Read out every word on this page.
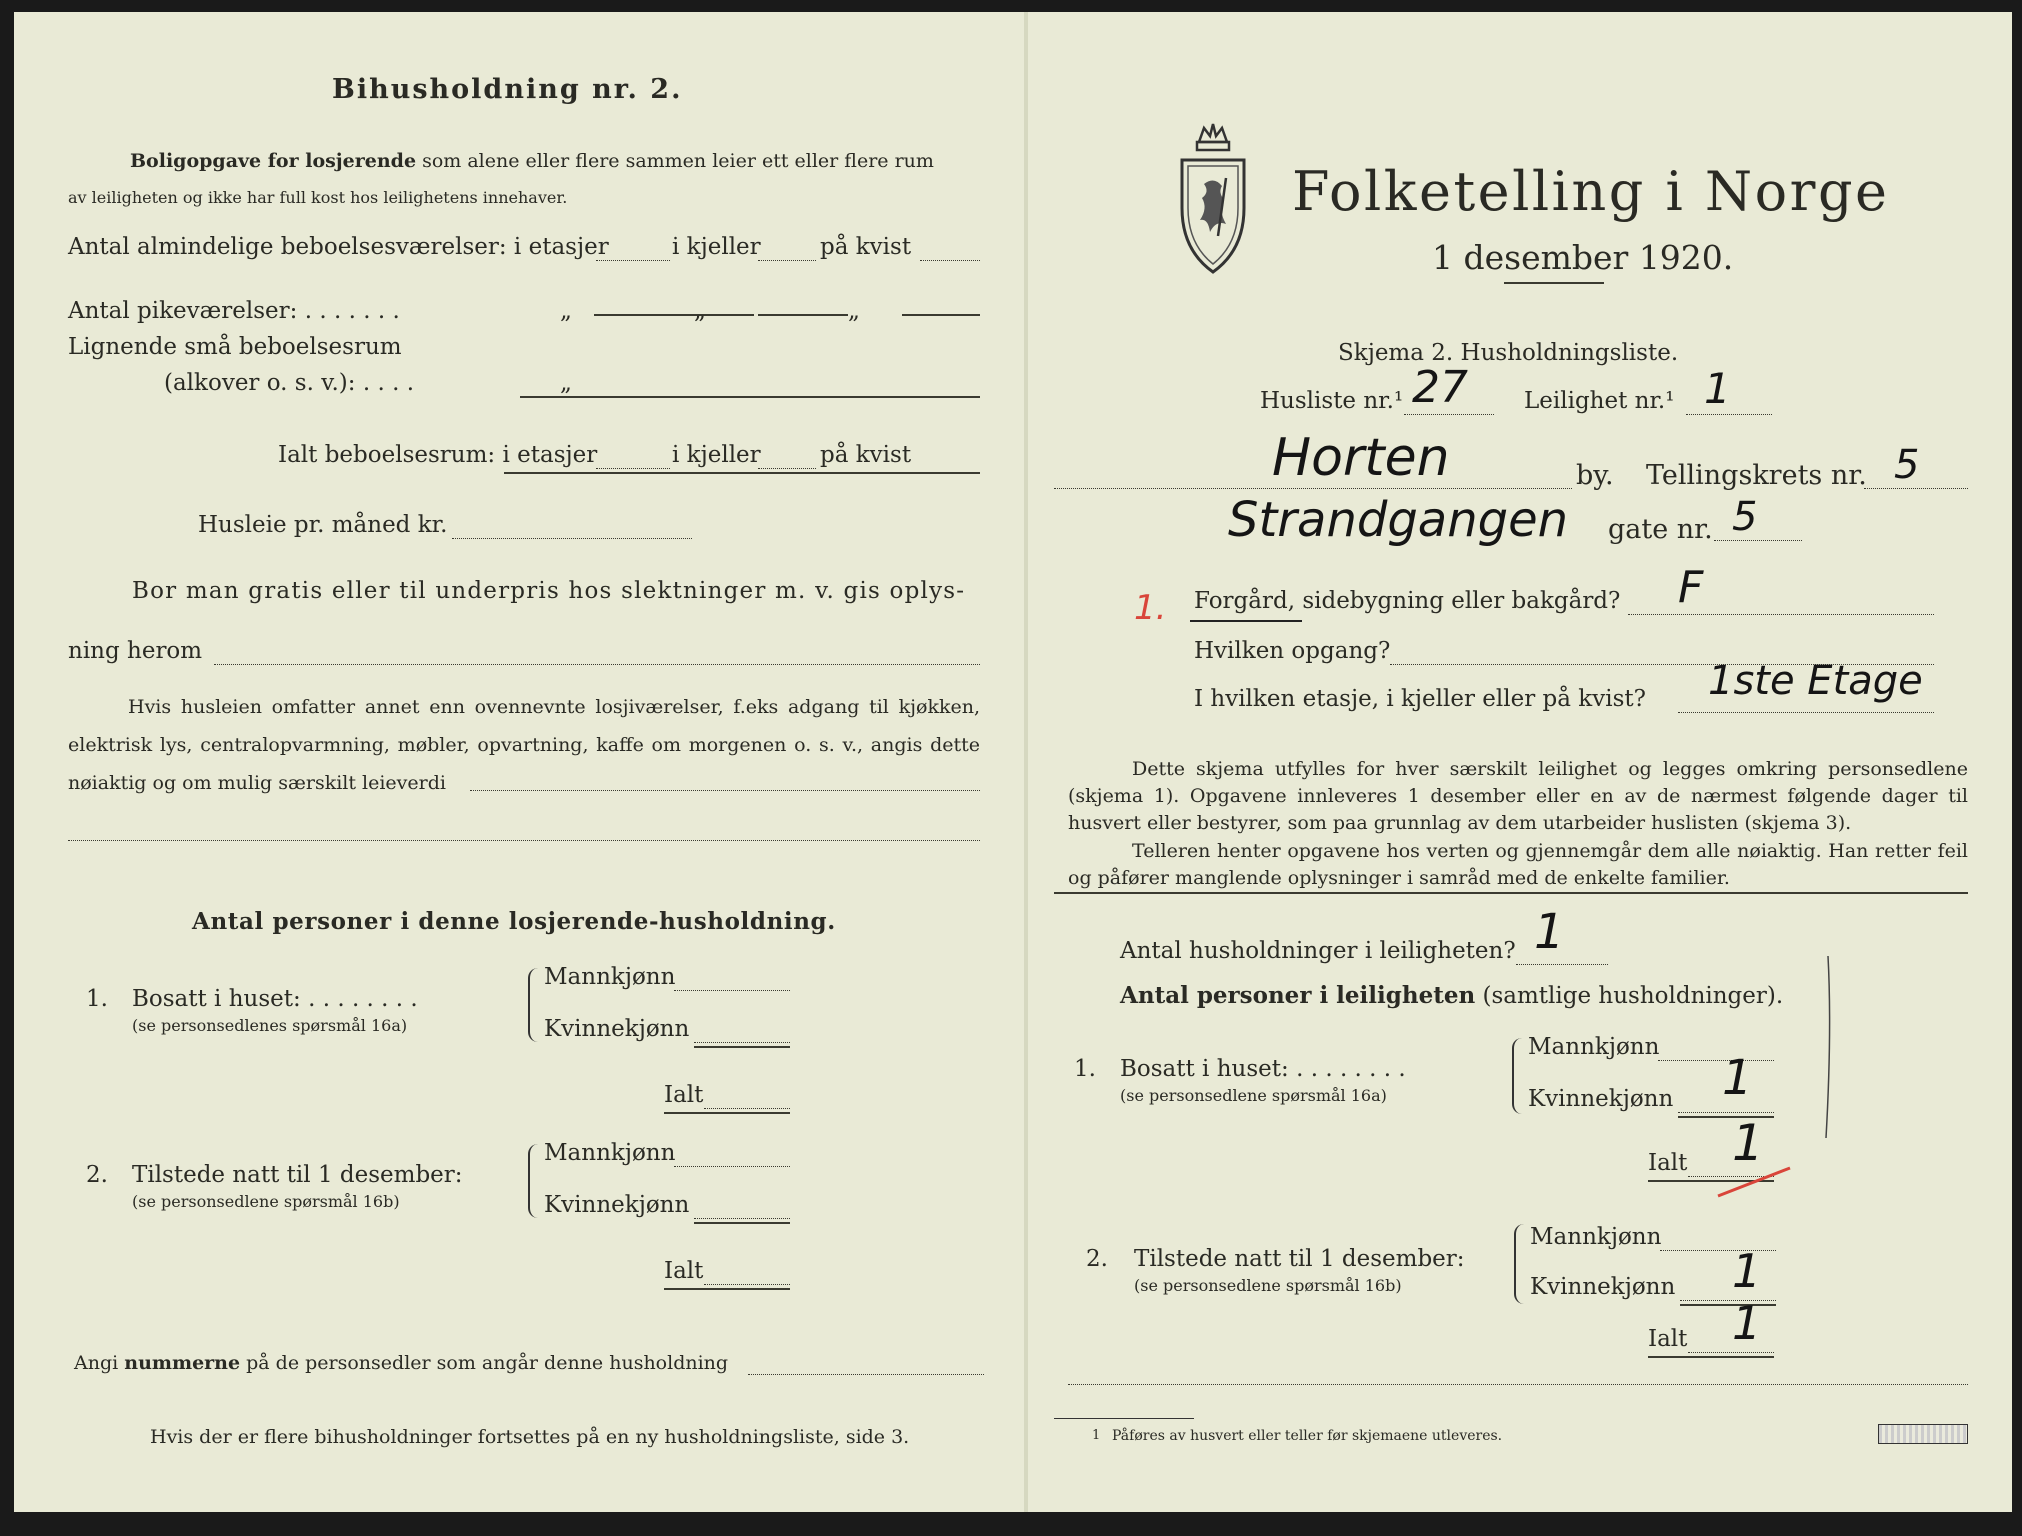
Bihusholdning nr. 2.
Boligopgave for losjerende som alene eller flere sammen leier ett eller flere rum
av leiligheten og ikke har full kost hos leilighetens innehaver.
Antal almindelige beboelsesværelser: i etasjer	i kjeller	på kvist
Antal pikeværelser: . . . . . . .	„	„	„
Lignende små beboelsesrum
(alkover o. s. v.): . . . .	„
Ialt beboelsesrum: i etasjer	i kjeller	på kvist
Husleie pr. måned kr.
Bor man gratis eller til underpris hos slektninger m. v. gis oplys-
ning herom
Hvis husleien omfatter annet enn ovennevnte losjiværelser, f.eks adgang til kjøkken, elektrisk lys, centralopvarmning, møbler, opvartning, kaffe om morgenen o. s. v., angis dette nøiaktig og om mulig særskilt leieverdi
Antal personer i denne losjerende-husholdning.
1. Bosatt i huset: . . . . . . . .
(se personsedlenes spørsmål 16a)
Mannkjønn
Kvinnekjønn
Ialt
2. Tilstede natt til 1 desember:
(se personsedlene spørsmål 16b)
Mannkjønn
Kvinnekjønn
Ialt
Angi nummerne på de personsedler som angår denne husholdning
Hvis der er flere bihusholdninger fortsettes på en ny husholdningsliste, side 3.
Folketelling i Norge
1 desember 1920.
Skjema 2. Husholdningsliste.
Husliste nr.¹ 27 Leilighet nr.¹ 1
Horten	by. Tellingskrets nr. 5
Strandgangen gate nr. 5
1. Forgård, sidebygning eller bakgård? F
Hvilken opgang?
I hvilken etasje, i kjeller eller på kvist? 1ste Etage
Dette skjema utfylles for hver særskilt leilighet og legges omkring personsedlene (skjema 1). Opgavene innleveres 1 desember eller en av de nærmest følgende dager til husvert eller bestyrer, som paa grunnlag av dem utarbeider huslisten (skjema 3).
Telleren henter opgavene hos verten og gjennemgår dem alle nøiaktig. Han retter feil og påfører manglende oplysninger i samråd med de enkelte familier.
Antal husholdninger i leiligheten? 1
Antal personer i leiligheten (samtlige husholdninger).
1. Bosatt i huset: . . . . . . . .
(se personsedlene spørsmål 16a)
Mannkjønn
Kvinnekjønn 1
Ialt 1
2. Tilstede natt til 1 desember:
(se personsedlene spørsmål 16b)
Mannkjønn
Kvinnekjønn 1
Ialt 1
1 Påføres av husvert eller teller før skjemaene utleveres.
